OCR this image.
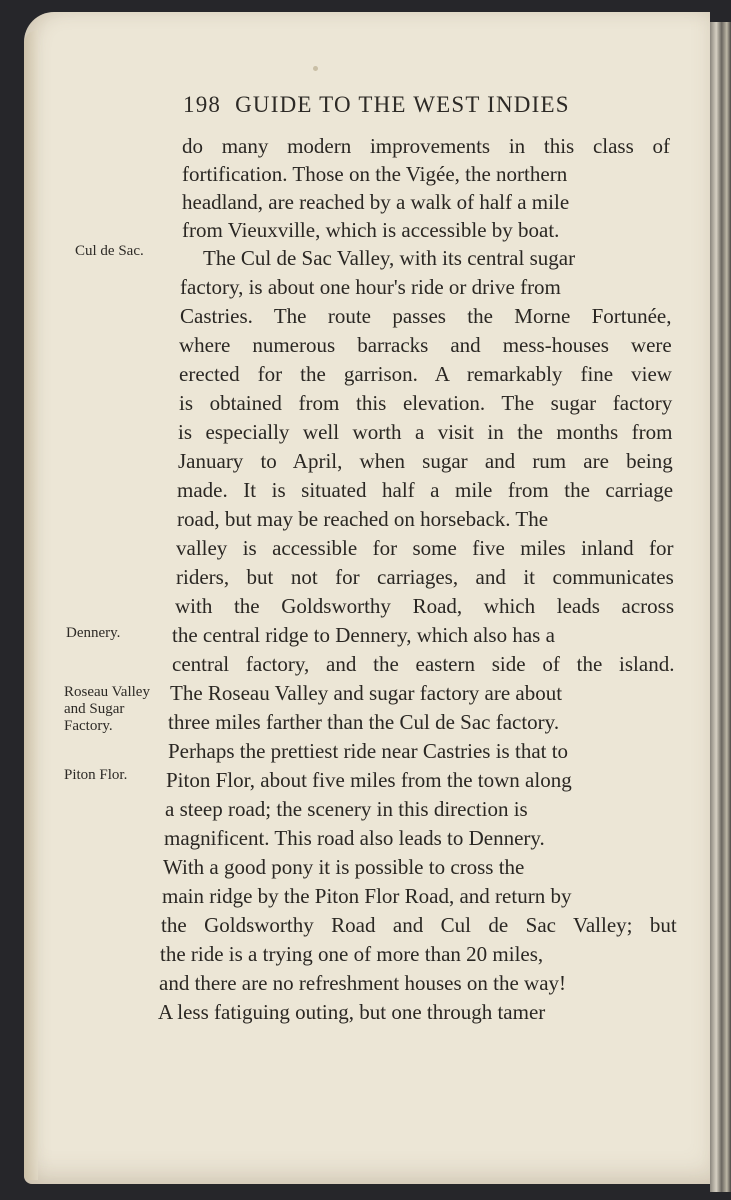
198 GUIDE TO THE WEST INDIES
Cul de Sac.
Dennery.
Roseau Valley and Sugar Factory.
Piton Flor.
do many modern improvements in this class of
fortification. Those on the Vigée, the northern
headland, are reached by a walk of half a mile
from Vieuxville, which is accessible by boat.
The Cul de Sac Valley, with its central sugar
factory, is about one hour's ride or drive from
Castries. The route passes the Morne Fortunée,
where numerous barracks and mess-houses were
erected for the garrison. A remarkably fine view
is obtained from this elevation. The sugar factory
is especially well worth a visit in the months from
January to April, when sugar and rum are being
made. It is situated half a mile from the carriage
road, but may be reached on horseback. The
valley is accessible for some five miles inland for
riders, but not for carriages, and it communicates
with the Goldsworthy Road, which leads across
the central ridge to Dennery, which also has a
central factory, and the eastern side of the island.
The Roseau Valley and sugar factory are about
three miles farther than the Cul de Sac factory.
Perhaps the prettiest ride near Castries is that to
Piton Flor, about five miles from the town along
a steep road; the scenery in this direction is
magnificent. This road also leads to Dennery.
With a good pony it is possible to cross the
main ridge by the Piton Flor Road, and return by
the Goldsworthy Road and Cul de Sac Valley; but
the ride is a trying one of more than 20 miles,
and there are no refreshment houses on the way!
A less fatiguing outing, but one through tamer
